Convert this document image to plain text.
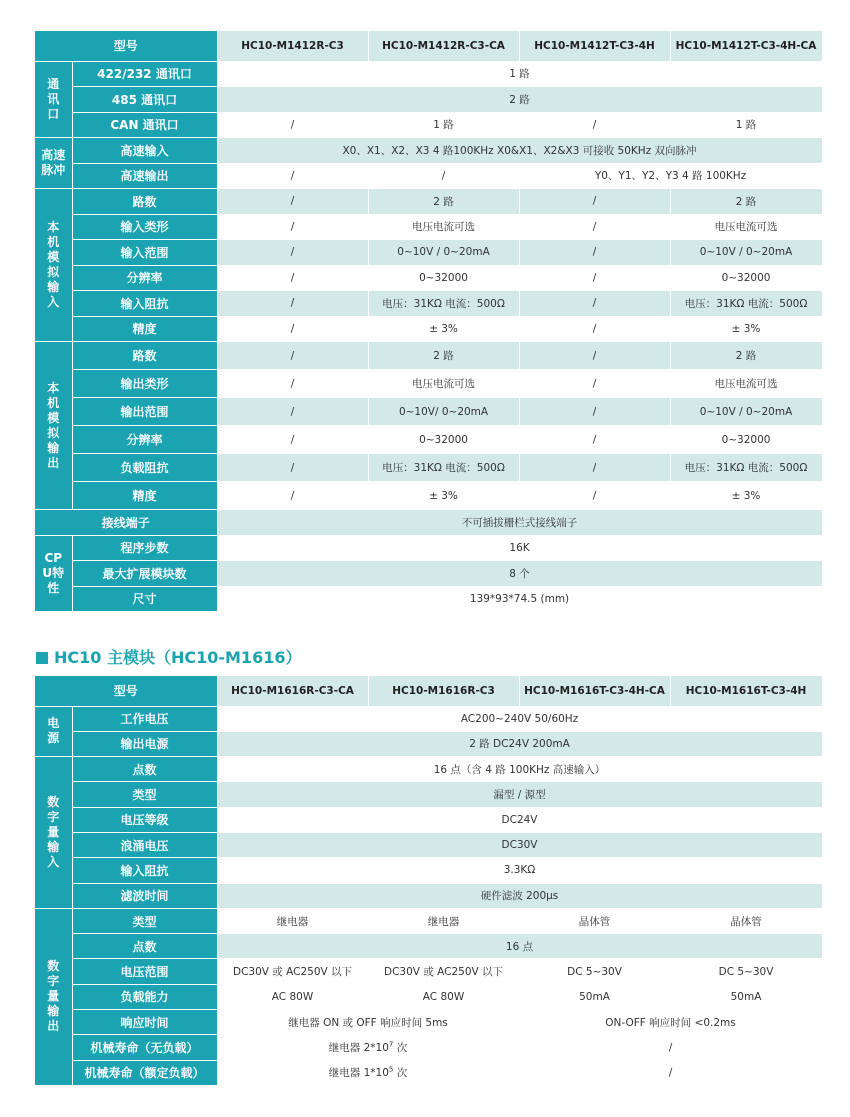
型号		HC10-M1412R-C3	HC10-M1412R-C3-CA	HC10-M1412T-C3-4H	HC10-M1412T-C3-4H-CA
通讯口	422/232 通讯口	1 路			
	485 通讯口	2 路			
	CAN 通讯口	/	1 路	/	1 路
高速脉冲	高速输入	X0、X1、X2、X3 4 路100KHz X0&X1、X2&X3 可接收 50KHz 双向脉冲			
	高速输出	/	/	Y0、Y1、Y2、Y3 4 路 100KHz	
本机模拟输入	路数	/	2 路	/	2 路
	输入类形	/	电压电流可选	/	电压电流可选
	输入范围	/	0~10V / 0~20mA	/	0~10V / 0~20mA
	分辨率	/	0~32000	/	0~32000
	输入阻抗	/	电压：31KΩ 电流：500Ω	/	电压：31KΩ 电流：500Ω
	精度	/	± 3%	/	± 3%
本机模拟输出	路数	/	2 路	/	2 路
	输出类形	/	电压电流可选	/	电压电流可选
	输出范围	/	0~10V/ 0~20mA	/	0~10V / 0~20mA
	分辨率	/	0~32000	/	0~32000
	负载阻抗	/	电压：31KΩ 电流：500Ω	/	电压：31KΩ 电流：500Ω
	精度	/	± 3%	/	± 3%
接线端子		不可插拔栅栏式接线端子			
CPU特性	程序步数	16K			
	最大扩展模块数	8 个			
	尺寸	139*93*74.5 (mm)			
HC10 主模块（HC10-M1616）
型号		HC10-M1616R-C3-CA	HC10-M1616R-C3	HC10-M1616T-C3-4H-CA	HC10-M1616T-C3-4H
电源	工作电压	AC200~240V 50/60Hz			
	输出电源	2 路 DC24V 200mA			
数字量输入	点数	16 点（含 4 路 100KHz 高速输入）			
	类型	漏型 / 源型			
	电压等级	DC24V			
	浪涌电压	DC30V			
	输入阻抗	3.3KΩ			
	滤波时间	硬件滤波 200μs			
数字量输出	类型	继电器	继电器	晶体管	晶体管
	点数	16 点			
	电压范围	DC30V 或 AC250V 以下	DC30V 或 AC250V 以下	DC 5~30V	DC 5~30V
	负载能力	AC 80W	AC 80W	50mA	50mA
	响应时间	继电器 ON 或 OFF 响应时间 5ms		ON-OFF 响应时间 <0.2ms	
	机械寿命（无负载）	继电器 $2*10^7$ 次		/	
	机械寿命（额定负载）	继电器 $1*10^5$ 次		/	
